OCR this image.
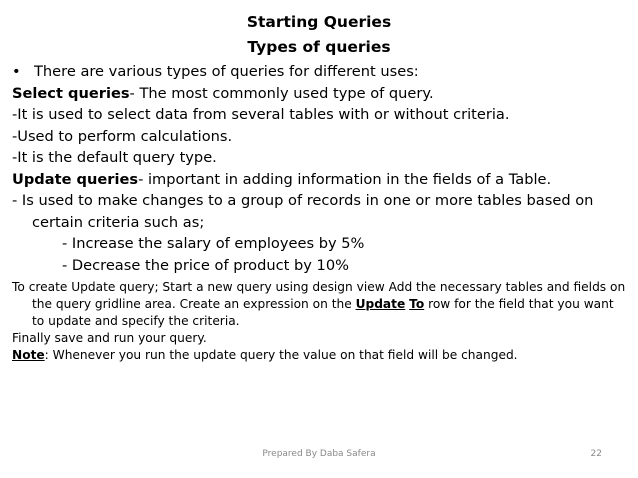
Starting Queries
Types of queries

• There are various types of queries for different uses:

Select queries- The most commonly used type of query.

-It is used to select data from several tables with or without criteria.

-Used to perform calculations.

-It is the default query type.

Update queries- important in adding information in the fields of a Table.

- Is used to make changes to a group of records in one or more tables based on certain criteria such as;

- Increase the salary of employees by 5%

- Decrease the price of product by 10%

To create Update query; Start a new query using design view Add the necessary tables and fields on the query gridline area. Create an expression on the Update To row for the field that you want to update and specify the criteria.

Finally save and run your query.

Note: Whenever you run the update query the value on that field will be changed.

Prepared By Daba Safera	22
